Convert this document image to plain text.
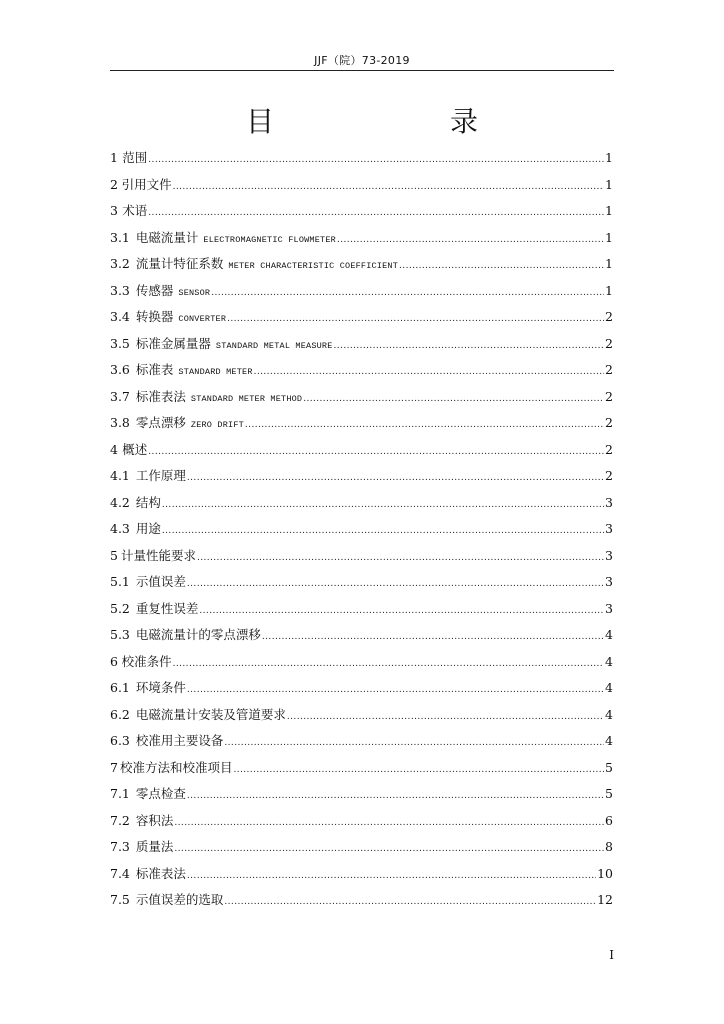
JJF（院）73-2019
目　　录
1 范围 .....	1
2 引用文件 .....	1
3 术语 .....	1
3.1 电磁流量计 ELECTROMAGNETIC FLOWMETER .....	1
3.2 流量计特征系数 METER CHARACTERISTIC COEFFICIENT .....	1
3.3 传感器 SENSOR .....	1
3.4 转换器 CONVERTER .....	2
3.5 标准金属量器 STANDARD METAL MEASURE .....	2
3.6 标准表 STANDARD METER .....	2
3.7 标准表法 STANDARD METER METHOD .....	2
3.8 零点漂移 ZERO DRIFT .....	2
4 概述 .....	2
4.1 工作原理 .....	2
4.2 结构 .....	3
4.3 用途 .....	3
5 计量性能要求 .....	3
5.1 示值误差 .....	3
5.2 重复性误差 .....	3
5.3 电磁流量计的零点漂移 .....	4
6 校准条件 .....	4
6.1 环境条件 .....	4
6.2 电磁流量计安装及管道要求 .....	4
6.3 校准用主要设备 .....	4
7 校准方法和校准项目 .....	5
7.1 零点检查 .....	5
7.2 容积法 .....	6
7.3 质量法 .....	8
7.4 标准表法 .....	10
7.5 示值误差的选取 .....	12
I
